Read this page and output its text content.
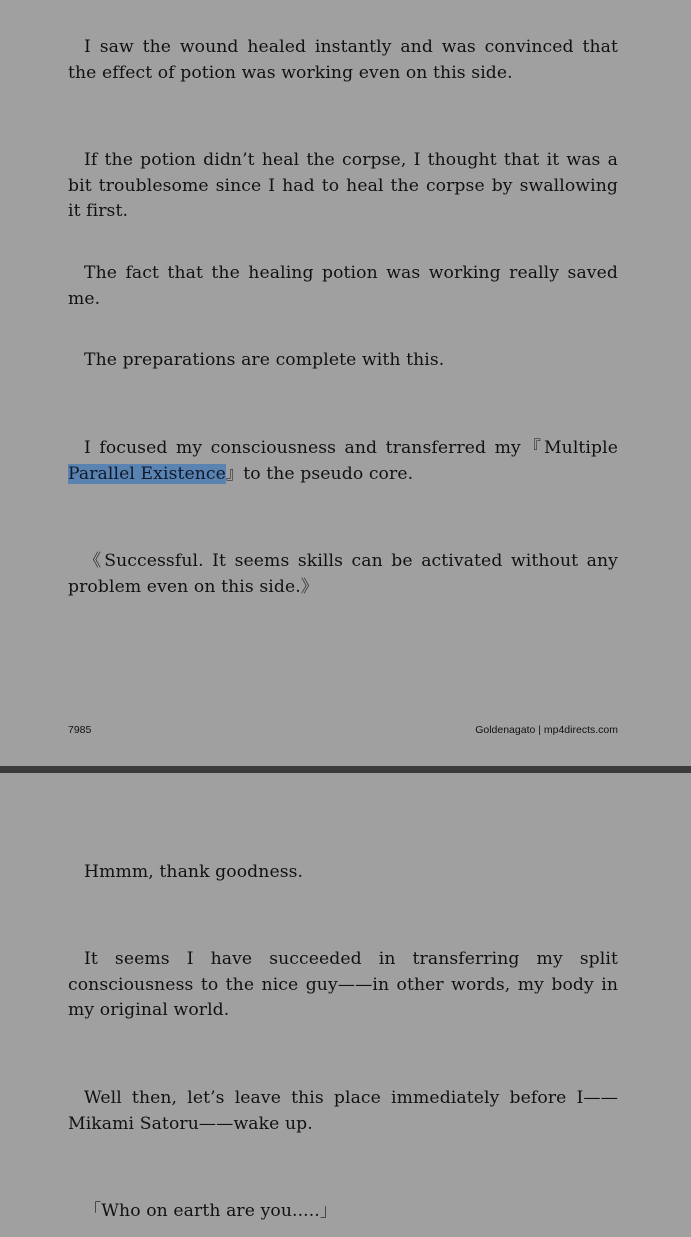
I saw the wound healed instantly and was convinced that the effect of potion was working even on this side.

If the potion didn’t heal the corpse, I thought that it was a bit troublesome since I had to heal the corpse by swallowing it first.

The fact that the healing potion was working really saved me.

The preparations are complete with this.

I focused my consciousness and transferred my『Multiple Parallel Existence』to the pseudo core.

《Successful. It seems skills can be activated without any problem even on this side.》

7985	Goldenagato | mp4directs.com

Hmmm, thank goodness.

It seems I have succeeded in transferring my split consciousness to the nice guy——in other words, my body in my original world.

Well then, let’s leave this place immediately before I——Mikami Satoru——wake up.

「Who on earth are you.....」
